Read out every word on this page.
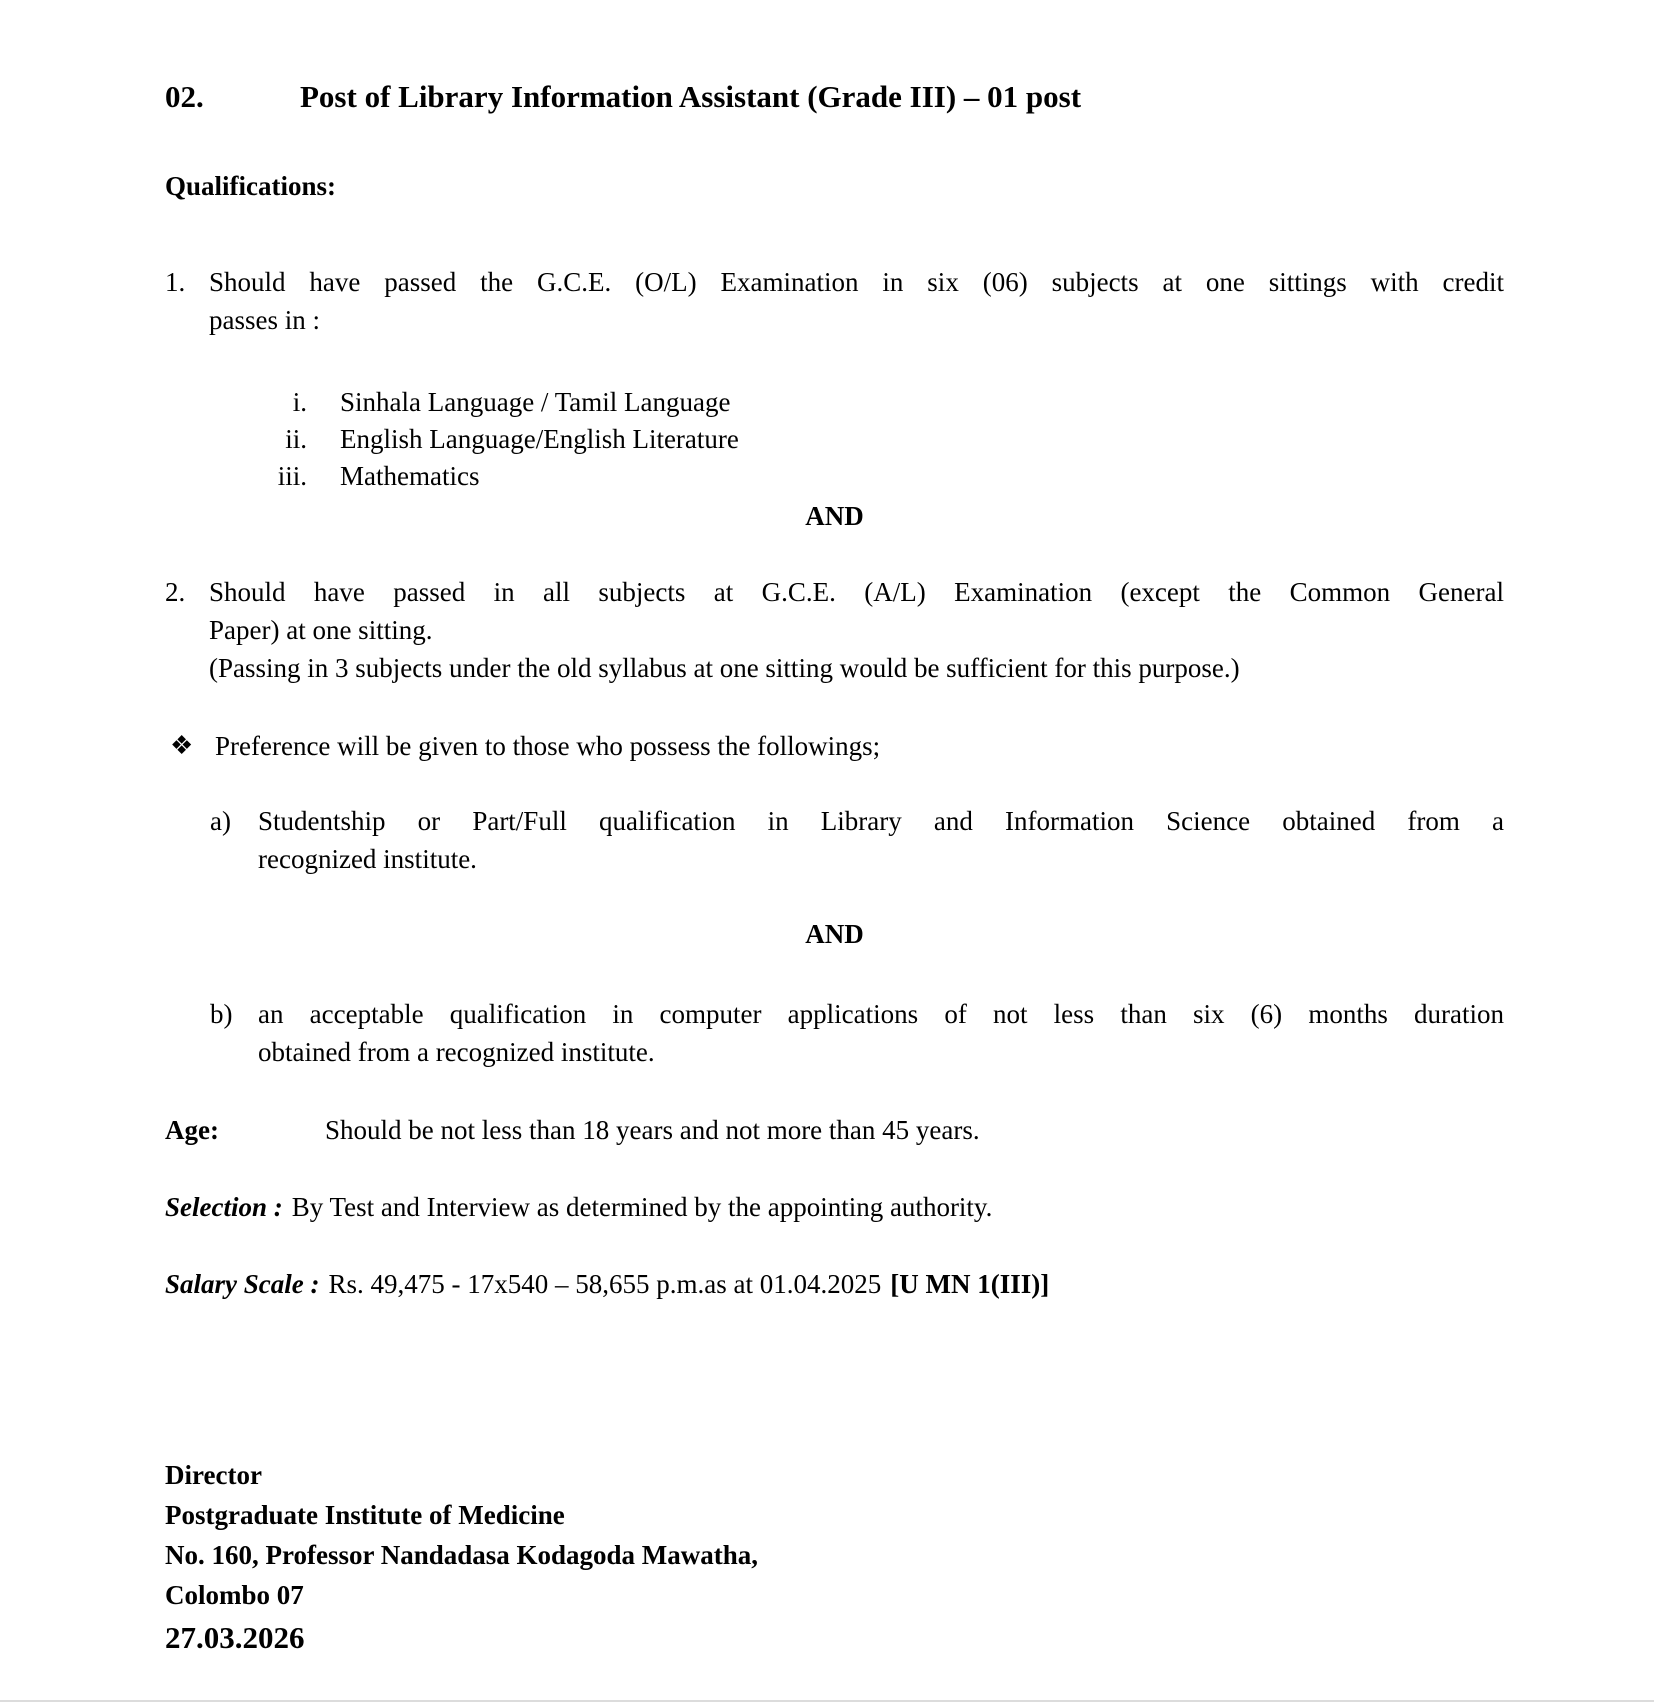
02.	Post of Library Information Assistant (Grade III) – 01 post
Qualifications:
1. Should have passed the G.C.E. (O/L) Examination in six (06) subjects at one sittings with credit
passes in :
i. Sinhala Language / Tamil Language
ii. English Language/English Literature
iii. Mathematics
AND
2. Should have passed in all subjects at G.C.E. (A/L) Examination (except the Common General
Paper) at one sitting.
(Passing in 3 subjects under the old syllabus at one sitting would be sufficient for this purpose.)
❖ Preference will be given to those who possess the followings;
a)	Studentship or Part/Full qualification in Library and Information Science obtained from a
recognized institute.
AND
b) an acceptable qualification in computer applications of not less than six (6) months duration
obtained from a recognized institute.
Age:	Should be not less than 18 years and not more than 45 years.
Selection : By Test and Interview as determined by the appointing authority.
Salary Scale : Rs. 49,475 - 17x540 – 58,655 p.m.as at 01.04.2025 [U MN 1(III)]
Director
Postgraduate Institute of Medicine
No. 160, Professor Nandadasa Kodagoda Mawatha,
Colombo 07
27.03.2026
